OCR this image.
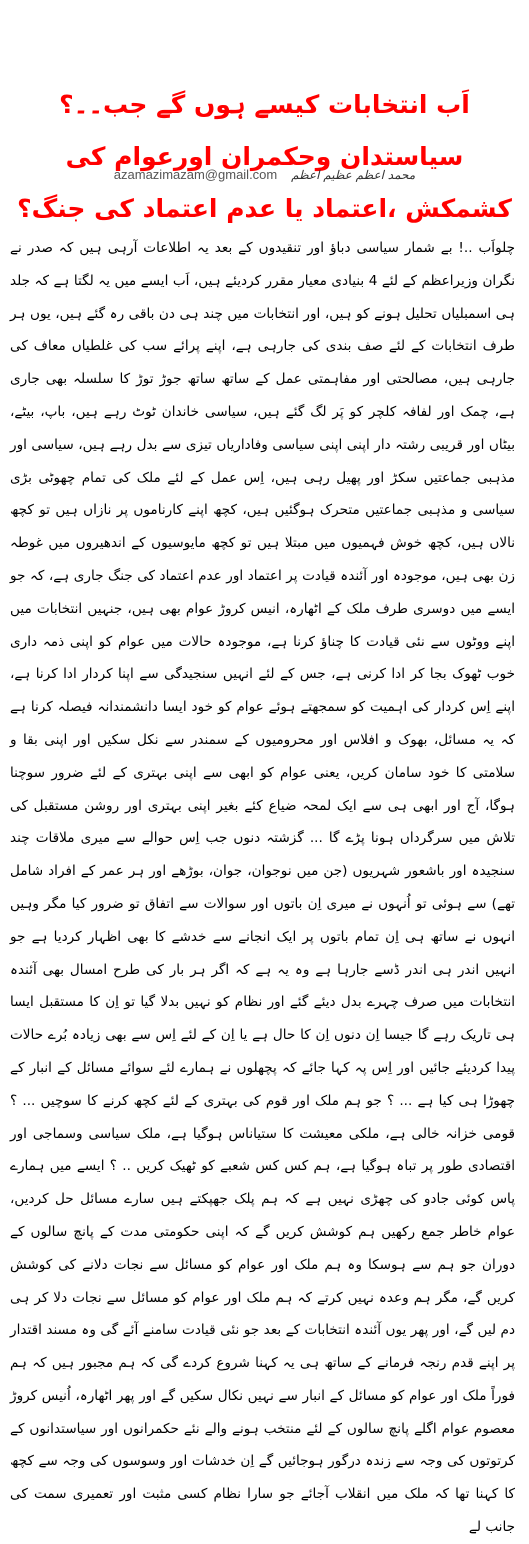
اَب انتخابات کیسے ہوں گے جب۔۔؟ سیاستدان وحکمران اورعوام کی کشمکش ،اعتماد یا عدم اعتماد کی جنگ؟
azamazimazam@gmail.com محمد اعظم عظیم اعظم

چلواَب ..! بے شمار سیاسی دباؤ اور تنقیدوں کے بعد یہ اطلاعات آرہی ہیں کہ صدر نے نگران وزیراعظم کے لئے 4 بنیادی معیار مقرر کردیئے ہیں، اَب ایسے میں یہ لگتا ہے کہ جلد ہی اسمبلیاں تحلیل ہونے کو ہیں، اور انتخابات میں چند ہی دن باقی رہ گئے ہیں، یوں ہر طرف انتخابات کے لئے صف بندی کی جارہی ہے، اپنے پرائے سب کی غلطیاں معاف کی جارہی ہیں، مصالحتی اور مفاہمتی عمل کے ساتھ ساتھ جوڑ توڑ کا سلسلہ بھی جاری ہے، چمک اور لفافہ کلچر کو پَر لگ گئے ہیں، سیاسی خاندان ٹوٹ رہے ہیں، باپ، بیٹے، بیٹاں اور قریبی رشتہ دار اپنی اپنی سیاسی وفاداریاں تیزی سے بدل رہے ہیں، سیاسی اور مذہبی جماعتیں سکڑ اور پھیل رہی ہیں، اِس عمل کے لئے ملک کی تمام چھوٹی بڑی سیاسی و مذہبی جماعتیں متحرک ہوگئیں ہیں، کچھ اپنے کارناموں پر نازاں ہیں تو کچھ نالاں ہیں، کچھ خوش فہمیوں میں مبتلا ہیں تو کچھ مایوسیوں کے اندھیروں میں غوطہ زن بھی ہیں، موجودہ اور آئندہ قیادت پر اعتماد اور عدم اعتماد کی جنگ جاری ہے، کہ جو ایسے میں دوسری طرف ملک کے اٹھارہ، انیس کروڑ عوام بھی ہیں، جنہیں انتخابات میں اپنے ووٹوں سے نئی قیادت کا چناؤ کرنا ہے، موجودہ حالات میں عوام کو اپنی ذمہ داری خوب ٹھوک بجا کر ادا کرنی ہے، جس کے لئے انہیں سنجیدگی سے اپنا کردار ادا کرنا ہے، اپنے اِس کردار کی اہمیت کو سمجھتے ہوئے عوام کو خود ایسا دانشمندانہ فیصلہ کرنا ہے کہ یہ مسائل، بھوک و افلاس اور محرومیوں کے سمندر سے نکل سکیں اور اپنی بقا و سلامتی کا خود سامان کریں، یعنی عوام کو ابھی سے اپنی بہتری کے لئے ضرور سوچنا ہوگا، آج اور ابھی ہی سے ایک لمحہ ضیاع کئے بغیر اپنی بہتری اور روشن مستقبل کی تلاش میں سرگرداں ہونا پڑے گا ... گزشتہ دنوں جب اِس حوالے سے میری ملاقات چند سنجیدہ اور باشعور شہریوں (جن میں نوجوان، جوان، بوڑھے اور ہر عمر کے افراد شامل تھے) سے ہوئی تو اُنہوں نے میری اِن باتوں اور سوالات سے اتفاق تو ضرور کیا مگر وہیں انہوں نے ساتھ ہی اِن تمام باتوں پر ایک انجانے سے خدشے کا بھی اظہار کردیا ہے جو انہیں اندر ہی اندر ڈسے جارہا ہے وہ یہ ہے کہ اگر ہر بار کی طرح امسال بھی آئندہ انتخابات میں صرف چہرے بدل دیئے گئے اور نظام کو نہیں بدلا گیا تو اِن کا مستقبل ایسا ہی تاریک رہے گا جیسا اِن دنوں اِن کا حال ہے یا اِن کے لئے اِس سے بھی زیادہ بُرے حالات پیدا کردیئے جائیں اور اِس پہ کہا جائے کہ پچھلوں نے ہمارے لئے سوائے مسائل کے انبار کے چھوڑا ہی کیا ہے ... ؟ جو ہم ملک اور قوم کی بہتری کے لئے کچھ کرنے کا سوچیں ... ؟ قومی خزانہ خالی ہے، ملکی معیشت کا ستیاناس ہوگیا ہے، ملک سیاسی وسماجی اور اقتصادی طور پر تباہ ہوگیا ہے، ہم کس کس شعبے کو ٹھیک کریں .. ؟ ایسے میں ہمارے پاس کوئی جادو کی چھڑی نہیں ہے کہ ہم پلک جھپکتے ہیں سارے مسائل حل کردیں، عوام خاطر جمع رکھیں ہم کوشش کریں گے کہ اپنی حکومتی مدت کے پانچ سالوں کے دوران جو ہم سے ہوسکا وہ ہم ملک اور عوام کو مسائل سے نجات دلانے کی کوشش کریں گے، مگر ہم وعدہ نہیں کرتے کہ ہم ملک اور عوام کو مسائل سے نجات دلا کر ہی دم لیں گے، اور پھر یوں آئندہ انتخابات کے بعد جو نئی قیادت سامنے آئے گی وہ مسند اقتدار پر اپنے قدم رنجہ فرمانے کے ساتھ ہی یہ کہنا شروع کردے گی کہ ہم مجبور ہیں کہ ہم فوراً ملک اور عوام کو مسائل کے انبار سے نہیں نکال سکیں گے اور پھر اٹھارہ، اُنیس کروڑ معصوم عوام اگلے پانچ سالوں کے لئے منتخب ہونے والے نئے حکمرانوں اور سیاستدانوں کے کرتوتوں کی وجہ سے زندہ درگور ہوجائیں گے اِن خدشات اور وسوسوں کی وجہ سے کچھ کا کہنا تھا کہ ملک میں انقلاب آجائے جو سارا نظام کسی مثبت اور تعمیری سمت کی جانب لے
